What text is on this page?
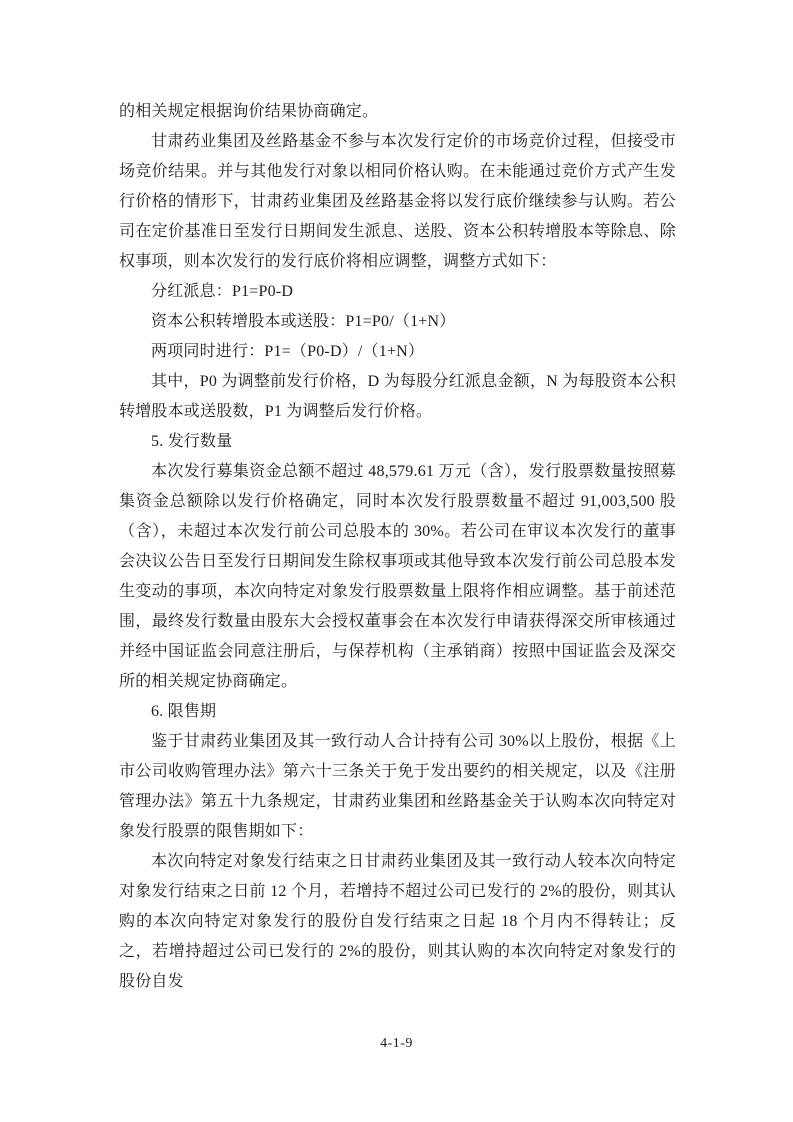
的相关规定根据询价结果协商确定。

甘肃药业集团及丝路基金不参与本次发行定价的市场竞价过程，但接受市场竞价结果。并与其他发行对象以相同价格认购。在未能通过竞价方式产生发行价格的情形下，甘肃药业集团及丝路基金将以发行底价继续参与认购。若公司在定价基准日至发行日期间发生派息、送股、资本公积转增股本等除息、除权事项，则本次发行的发行底价将相应调整，调整方式如下：

分红派息：P1=P0-D

资本公积转增股本或送股：P1=P0/（1+N）

两项同时进行：P1=（P0-D）/（1+N）

其中，P0 为调整前发行价格，D 为每股分红派息金额，N 为每股资本公积转增股本或送股数，P1 为调整后发行价格。

5. 发行数量

本次发行募集资金总额不超过 48,579.61 万元（含），发行股票数量按照募集资金总额除以发行价格确定，同时本次发行股票数量不超过 91,003,500 股（含），未超过本次发行前公司总股本的 30%。若公司在审议本次发行的董事会决议公告日至发行日期间发生除权事项或其他导致本次发行前公司总股本发生变动的事项，本次向特定对象发行股票数量上限将作相应调整。基于前述范围，最终发行数量由股东大会授权董事会在本次发行申请获得深交所审核通过并经中国证监会同意注册后，与保荐机构（主承销商）按照中国证监会及深交所的相关规定协商确定。

6. 限售期

鉴于甘肃药业集团及其一致行动人合计持有公司 30%以上股份，根据《上市公司收购管理办法》第六十三条关于免于发出要约的相关规定，以及《注册管理办法》第五十九条规定，甘肃药业集团和丝路基金关于认购本次向特定对象发行股票的限售期如下：

本次向特定对象发行结束之日甘肃药业集团及其一致行动人较本次向特定对象发行结束之日前 12 个月，若增持不超过公司已发行的 2%的股份，则其认购的本次向特定对象发行的股份自发行结束之日起 18 个月内不得转让；反之，若增持超过公司已发行的 2%的股份，则其认购的本次向特定对象发行的股份自发

4-1-9
